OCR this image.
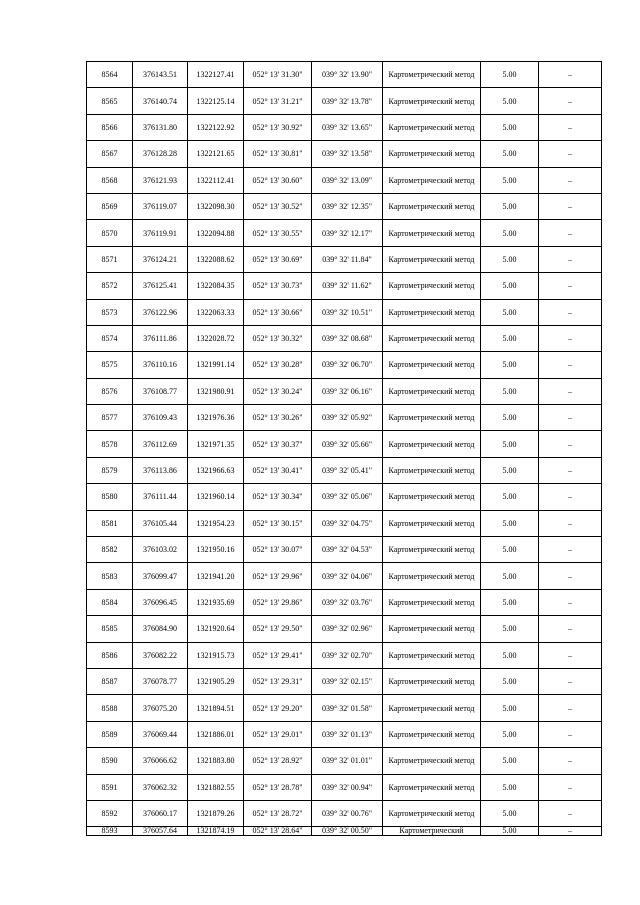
8564	376143.51	1322127.41	052° 13' 31.30"	039° 32' 13.90"	Картометрический метод	5.00	–
8565	376140.74	1322125.14	052° 13' 31.21"	039° 32' 13.78"	Картометрический метод	5.00	–
8566	376131.80	1322122.92	052° 13' 30.92"	039° 32' 13.65"	Картометрический метод	5.00	–
8567	376128.28	1322121.65	052° 13' 30.81"	039° 32' 13.58"	Картометрический метод	5.00	–
8568	376121.93	1322112.41	052° 13' 30.60"	039° 32' 13.09"	Картометрический метод	5.00	–
8569	376119.07	1322098.30	052° 13' 30.52"	039° 32' 12.35"	Картометрический метод	5.00	–
8570	376119.91	1322094.88	052° 13' 30.55"	039° 32' 12.17"	Картометрический метод	5.00	–
8571	376124.21	1322088.62	052° 13' 30.69"	039° 32' 11.84"	Картометрический метод	5.00	–
8572	376125.41	1322084.35	052° 13' 30.73"	039° 32' 11.62"	Картометрический метод	5.00	–
8573	376122.96	1322063.33	052° 13' 30.66"	039° 32' 10.51"	Картометрический метод	5.00	–
8574	376111.86	1322028.72	052° 13' 30.32"	039° 32' 08.68"	Картометрический метод	5.00	–
8575	376110.16	1321991.14	052° 13' 30.28"	039° 32' 06.70"	Картометрический метод	5.00	–
8576	376108.77	1321980.91	052° 13' 30.24"	039° 32' 06.16"	Картометрический метод	5.00	–
8577	376109.43	1321976.36	052° 13' 30.26"	039° 32' 05.92"	Картометрический метод	5.00	–
8578	376112.69	1321971.35	052° 13' 30.37"	039° 32' 05.66"	Картометрический метод	5.00	–
8579	376113.86	1321966.63	052° 13' 30.41"	039° 32' 05.41"	Картометрический метод	5.00	–
8580	376111.44	1321960.14	052° 13' 30.34"	039° 32' 05.06"	Картометрический метод	5.00	–
8581	376105.44	1321954.23	052° 13' 30.15"	039° 32' 04.75"	Картометрический метод	5.00	–
8582	376103.02	1321950.16	052° 13' 30.07"	039° 32' 04.53"	Картометрический метод	5.00	–
8583	376099.47	1321941.20	052° 13' 29.96"	039° 32' 04.06"	Картометрический метод	5.00	–
8584	376096.45	1321935.69	052° 13' 29.86"	039° 32' 03.76"	Картометрический метод	5.00	–
8585	376084.90	1321920.64	052° 13' 29.50"	039° 32' 02.96"	Картометрический метод	5.00	–
8586	376082.22	1321915.73	052° 13' 29.41"	039° 32' 02.70"	Картометрический метод	5.00	–
8587	376078.77	1321905.29	052° 13' 29.31"	039° 32' 02.15"	Картометрический метод	5.00	–
8588	376075.20	1321894.51	052° 13' 29.20"	039° 32' 01.58"	Картометрический метод	5.00	–
8589	376069.44	1321886.01	052° 13' 29.01"	039° 32' 01.13"	Картометрический метод	5.00	–
8590	376066.62	1321883.80	052° 13' 28.92"	039° 32' 01.01"	Картометрический метод	5.00	–
8591	376062.32	1321882.55	052° 13' 28.78"	039° 32' 00.94"	Картометрический метод	5.00	–
8592	376060.17	1321879.26	052° 13' 28.72"	039° 32' 00.76"	Картометрический метод	5.00	–
8593	376057.64	1321874.19	052° 13' 28.64"	039° 32' 00.50"	Картометрический	5.00	–
